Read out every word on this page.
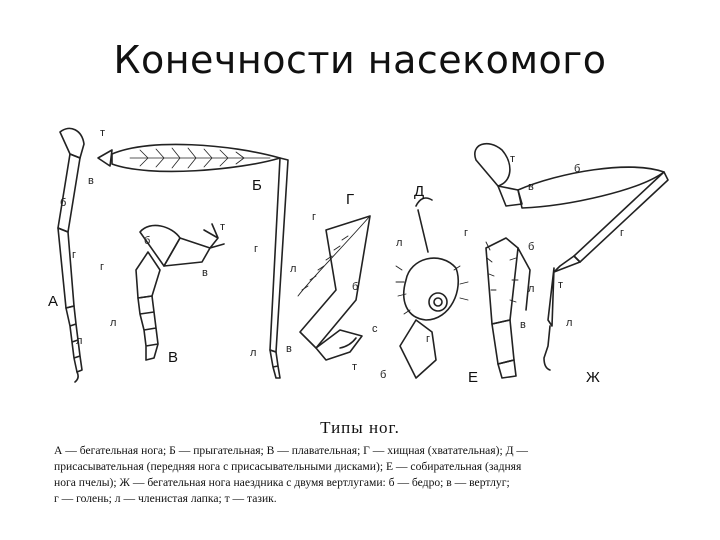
Конечности насекомого
А
Б
В
Г	Д
Е	Ж
в
б
г
л
т
г
л	в
б
т
в
г
л
г
л
б
с
т
л
г
б
г
б
л
в
т
в
б
г
т
л
Типы ног.

А — бегательная нога; Б — прыгательная; В — плавательная; Г — хищная (хватательная); Д —

присасывательная (передняя нога с присасывательными дисками); Е — собирательная (задняя

нога пчелы); Ж — бегательная нога наездника с двумя вертлугами: б — бедро; в — вертлуг;

г — голень; л — членистая лапка; т — тазик.
